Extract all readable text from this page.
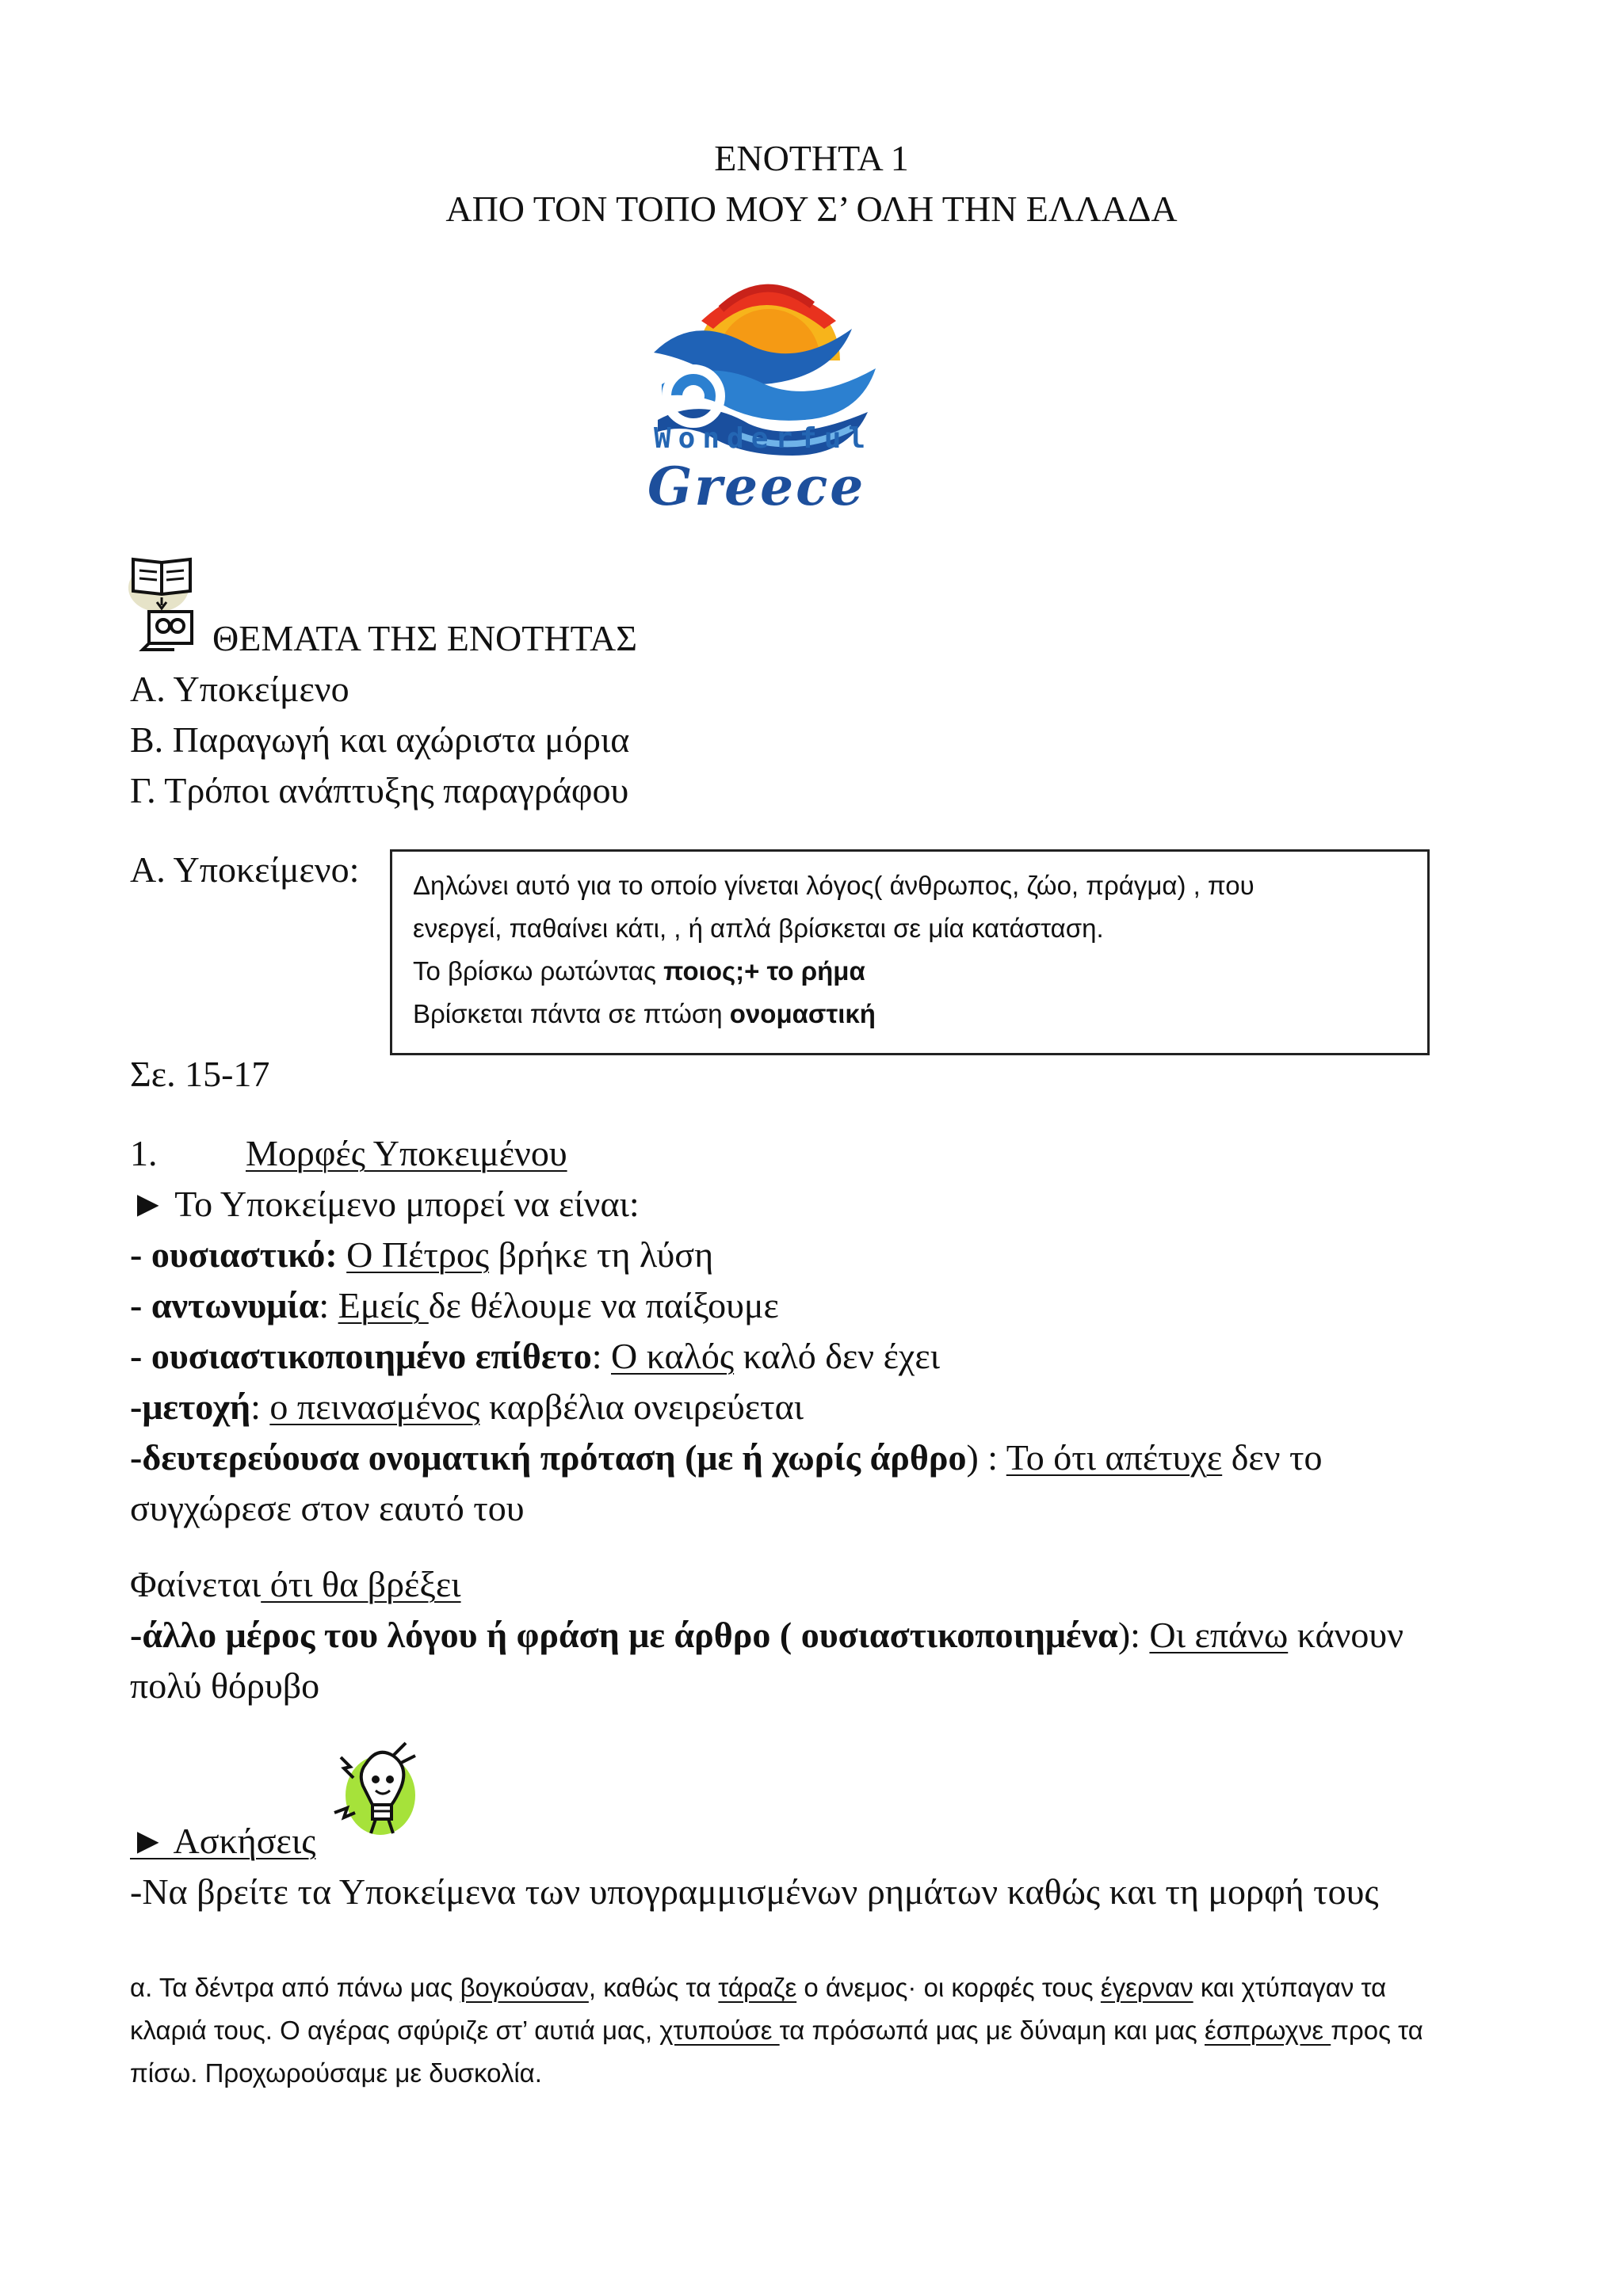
ΕΝΟΤΗΤΑ 1
ΑΠΟ ΤΟΝ ΤΟΠΟ ΜΟΥ Σ’ ΟΛΗ ΤΗΝ ΕΛΛΑΔΑ
Wonderful
Greece
ΘΕΜΑΤΑ ΤΗΣ ΕΝΟΤΗΤΑΣ
Α. Υποκείμενο
Β. Παραγωγή και αχώριστα μόρια
Γ. Τρόποι ανάπτυξης παραγράφου
Α. Υποκείμενο: Δηλώνει αυτό για το οποίο γίνεται λόγος( άνθρωπος, ζώο, πράγμα) , που
ενεργεί, παθαίνει κάτι, , ή απλά βρίσκεται σε μία κατάσταση.
Το βρίσκω ρωτώντας ποιος;+ το ρήμα
Βρίσκεται πάντα σε πτώση ονομαστική
Σε. 15-17
1. Μορφές Υποκειμένου
► Το Υποκείμενο μπορεί να είναι:
- ουσιαστικό: Ο Πέτρος βρήκε τη λύση
- αντωνυμία: Εμείς δε θέλουμε να παίξουμε
- ουσιαστικοποιημένο επίθετο: Ο καλός καλό δεν έχει
-μετοχή: ο πεινασμένος καρβέλια ονειρεύεται
-δευτερεύουσα ονοματική πρόταση (με ή χωρίς άρθρο) : Το ότι απέτυχε δεν το
συγχώρεσε στον εαυτό του
Φαίνεται ότι θα βρέξει
-άλλο μέρος του λόγου ή φράση με άρθρο ( ουσιαστικοποιημένα): Οι επάνω κάνουν
πολύ θόρυβο
► Ασκήσεις
-Να βρείτε τα Υποκείμενα των υπογραμμισμένων ρημάτων καθώς και τη μορφή τους
α. Τα δέντρα από πάνω μας βογκούσαν, καθώς τα τάραζε ο άνεμος· οι κορφές τους έγερναν και χτύπαγαν τα
κλαριά τους. Ο αγέρας σφύριζε στ’ αυτιά μας, χτυπούσε τα πρόσωπά μας με δύναμη και μας έσπρωχνε προς τα
πίσω. Προχωρούσαμε με δυσκολία.
